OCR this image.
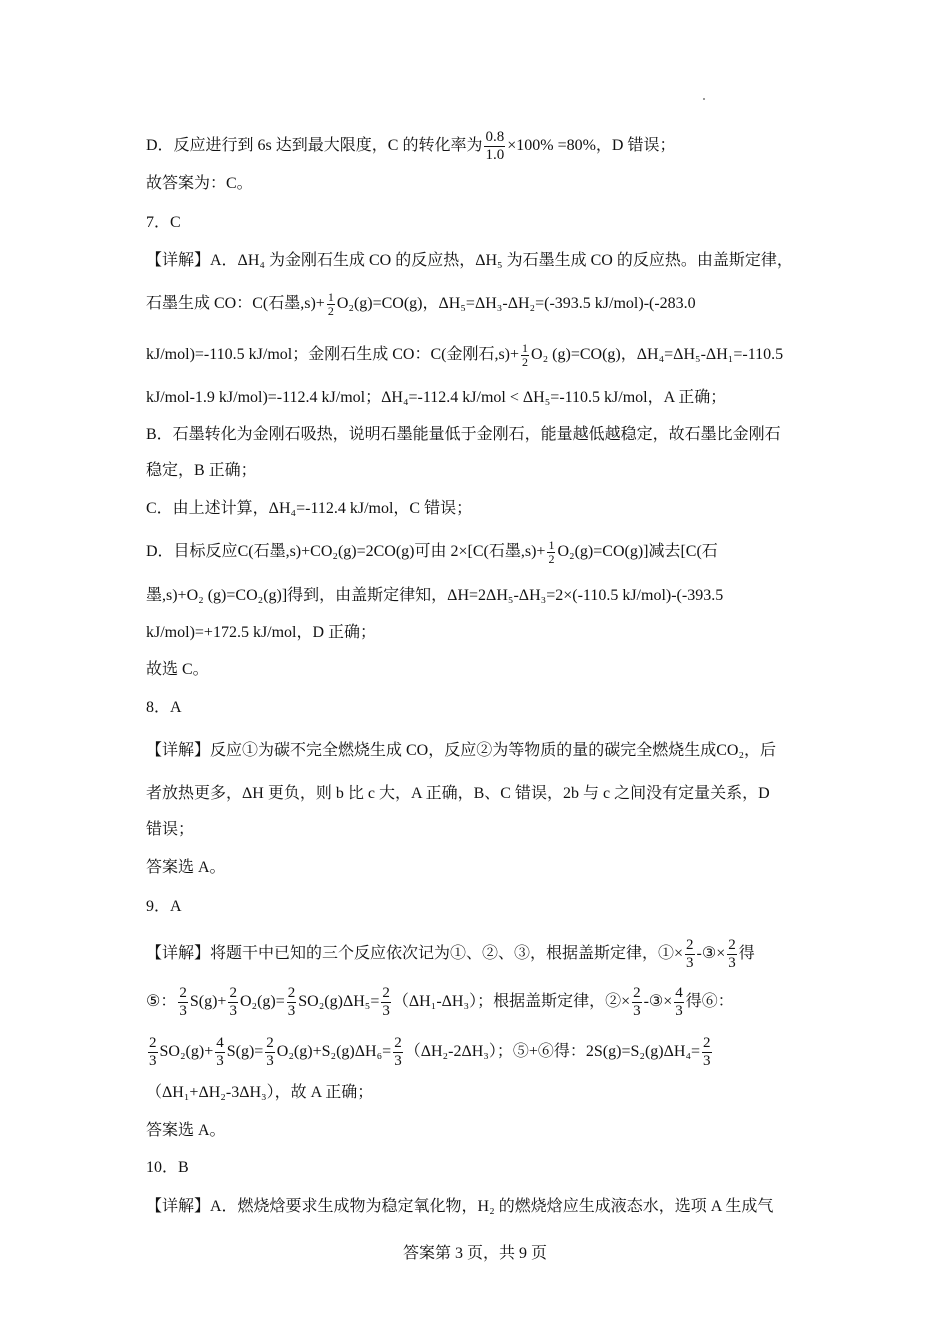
D．反应进行到 6s 达到最大限度，C 的转化率为 $\frac{0.8}{1.0} \times 100\% =80\%$，D 错误；
故答案为：C。
7．C
【详解】A．ΔH₄ 为金刚石生成 CO 的反应热，ΔH₅ 为石墨生成 CO 的反应热。由盖斯定律，
石墨生成 CO：C(石墨$,s)+ \frac{1}{2} O_2(g)=CO(g)$，ΔH₅=ΔH₃-ΔH₂=(-393.5 kJ/mol)-(-283.0
kJ/mol)=-110.5 kJ/mol；金刚石生成 CO：C(金刚石$,s)+ \frac{1}{2} O_2$ (g)=CO(g)，ΔH₄=ΔH₅-ΔH₁=-110.5
kJ/mol-1.9 kJ/mol)=-112.4 kJ/mol；ΔH₄=-112.4 kJ/mol < ΔH₅=-110.5 kJ/mol，A 正确；
B．石墨转化为金刚石吸热，说明石墨能量低于金刚石，能量越低越稳定，故石墨比金刚石
稳定，B 正确；
C．由上述计算，ΔH₄=-112.4 kJ/mol，C 错误；
D．目标反应C(石墨,s)+CO₂(g)=2CO(g)可由 2×[C(石墨$,s)+ \frac{1}{2} O_2(g)=CO(g)$]减去[C(石
墨,s)+O₂ (g)=CO₂(g)]得到，由盖斯定律知，ΔH=2ΔH₅-ΔH₃=2×(-110.5 kJ/mol)-(-393.5
kJ/mol)=+172.5 kJ/mol，D 正确；
故选 C。
8．A
【详解】反应①为碳不完全燃烧生成 CO，反应②为等物质的量的碳完全燃烧生成CO₂，后
者放热更多，ΔH 更负，则 b 比 c 大，A 正确，B、C 错误，2b 与 c 之间没有定量关系，D
错误；
答案选 A。
9．A
【详解】将题干中已知的三个反应依次记为①、②、③，根据盖斯定律，①× $\frac{2}{3}$ -③× $\frac{2}{3}$ 得
⑤： $\frac{2}{3} S(g)+ \frac{2}{3} O_2(g)= \frac{2}{3} SO_2(g)\Delta H_5= \frac{2}{3} (\Delta H_1-\Delta H_3)$；根据盖斯定律，②× $\frac{2}{3}$ -③× $\frac{4}{3}$ 得⑥：
$\frac{2}{3} SO_2(g)+ \frac{4}{3} S(g)= \frac{2}{3} O_2(g)+S_2(g)\Delta H_6= \frac{2}{3} (\Delta H_2-2\Delta H_3)$；⑤+⑥得：$2S(g)=S_2(g)\Delta H_4= \frac{2}{3}$
（ΔH₁+ΔH₂-3ΔH₃），故 A 正确；
答案选 A。
10．B
【详解】A．燃烧焓要求生成物为稳定氧化物，H₂ 的燃烧焓应生成液态水，选项 A 生成气
答案第 3 页，共 9 页
